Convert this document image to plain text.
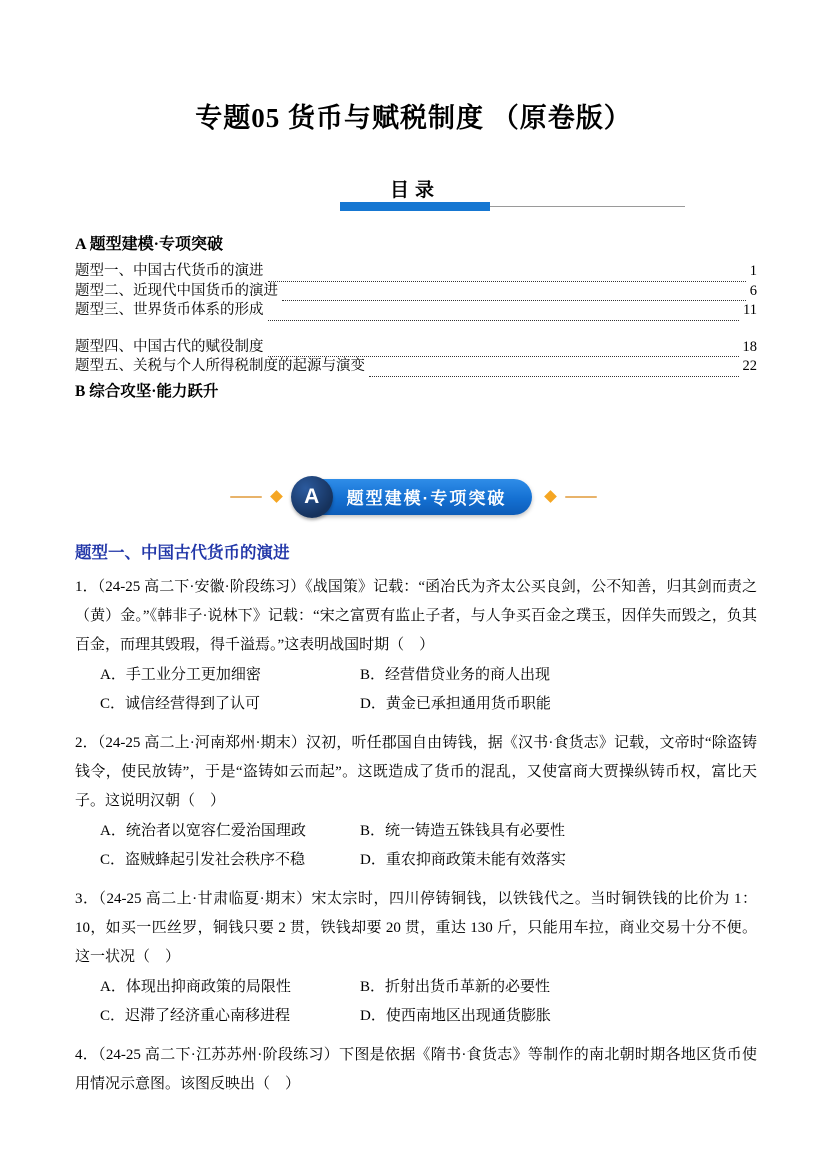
专题05 货币与赋税制度 （原卷版）
目录
A 题型建模·专项突破
题型一、中国古代货币的演进	1
题型二、近现代中国货币的演进	6
题型三、世界货币体系的形成	11
题型四、中国古代的赋役制度	18
题型五、关税与个人所得税制度的起源与演变	22
B 综合攻坚·能力跃升
A 题型建模·专项突破
题型一、中国古代货币的演进

1．（24-25 高二下·安徽·阶段练习）《战国策》记载：“函冶氏为齐太公买良剑，公不知善，归其剑而责之（黄）金。”《韩非子·说林下》记载：“宋之富贾有监止子者，与人争买百金之璞玉，因佯失而毁之，负其百金，而理其毁瑕，得千溢焉。”这表明战国时期（　）

A．手工业分工更加细密	B．经营借贷业务的商人出现
C．诚信经营得到了认可	D．黄金已承担通用货币职能

2．（24-25 高二上·河南郑州·期末）汉初，听任郡国自由铸钱，据《汉书·食货志》记载，文帝时“除盗铸钱令，使民放铸”，于是“盗铸如云而起”。这既造成了货币的混乱，又使富商大贾操纵铸币权，富比天子。这说明汉朝（　）

A．统治者以宽容仁爱治国理政	B．统一铸造五铢钱具有必要性
C．盗贼蜂起引发社会秩序不稳	D．重农抑商政策未能有效落实

3．（24-25 高二上·甘肃临夏·期末）宋太宗时，四川停铸铜钱，以铁钱代之。当时铜铁钱的比价为 1：10，如买一匹丝罗，铜钱只要 2 贯，铁钱却要 20 贯，重达 130 斤，只能用车拉，商业交易十分不便。这一状况（　）

A．体现出抑商政策的局限性	B．折射出货币革新的必要性
C．迟滞了经济重心南移进程	D．使西南地区出现通货膨胀

4．（24-25 高二下·江苏苏州·阶段练习）下图是依据《隋书·食货志》等制作的南北朝时期各地区货币使用情况示意图。该图反映出（　）
